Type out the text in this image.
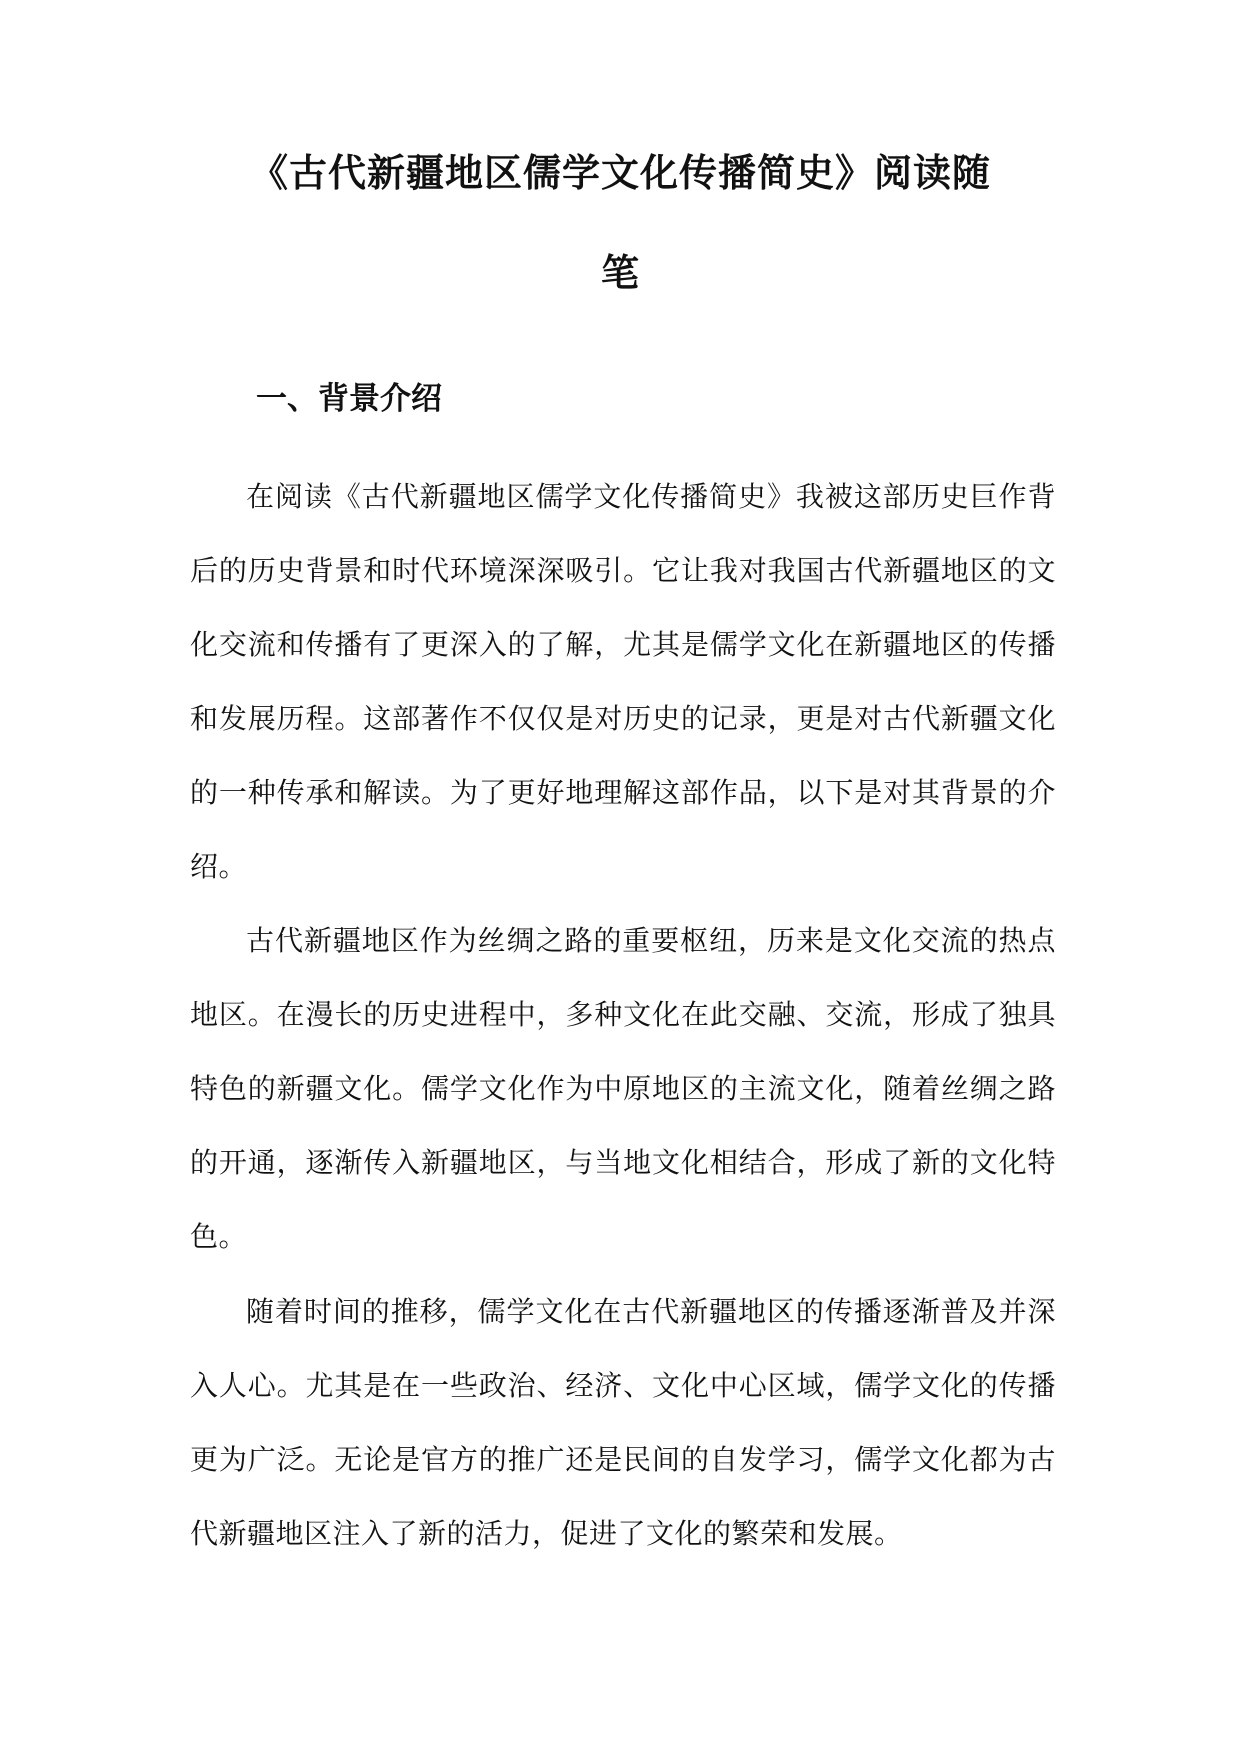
《古代新疆地区儒学文化传播简史》阅读随
笔
一、背景介绍

在阅读《古代新疆地区儒学文化传播简史》我被这部历史巨作背后的历史背景和时代环境深深吸引。它让我对我国古代新疆地区的文化交流和传播有了更深入的了解，尤其是儒学文化在新疆地区的传播和发展历程。这部著作不仅仅是对历史的记录，更是对古代新疆文化的一种传承和解读。为了更好地理解这部作品，以下是对其背景的介绍。

古代新疆地区作为丝绸之路的重要枢纽，历来是文化交流的热点地区。在漫长的历史进程中，多种文化在此交融、交流，形成了独具特色的新疆文化。儒学文化作为中原地区的主流文化，随着丝绸之路的开通，逐渐传入新疆地区，与当地文化相结合，形成了新的文化特色。

随着时间的推移，儒学文化在古代新疆地区的传播逐渐普及并深入人心。尤其是在一些政治、经济、文化中心区域，儒学文化的传播更为广泛。无论是官方的推广还是民间的自发学习，儒学文化都为古代新疆地区注入了新的活力，促进了文化的繁荣和发展。
